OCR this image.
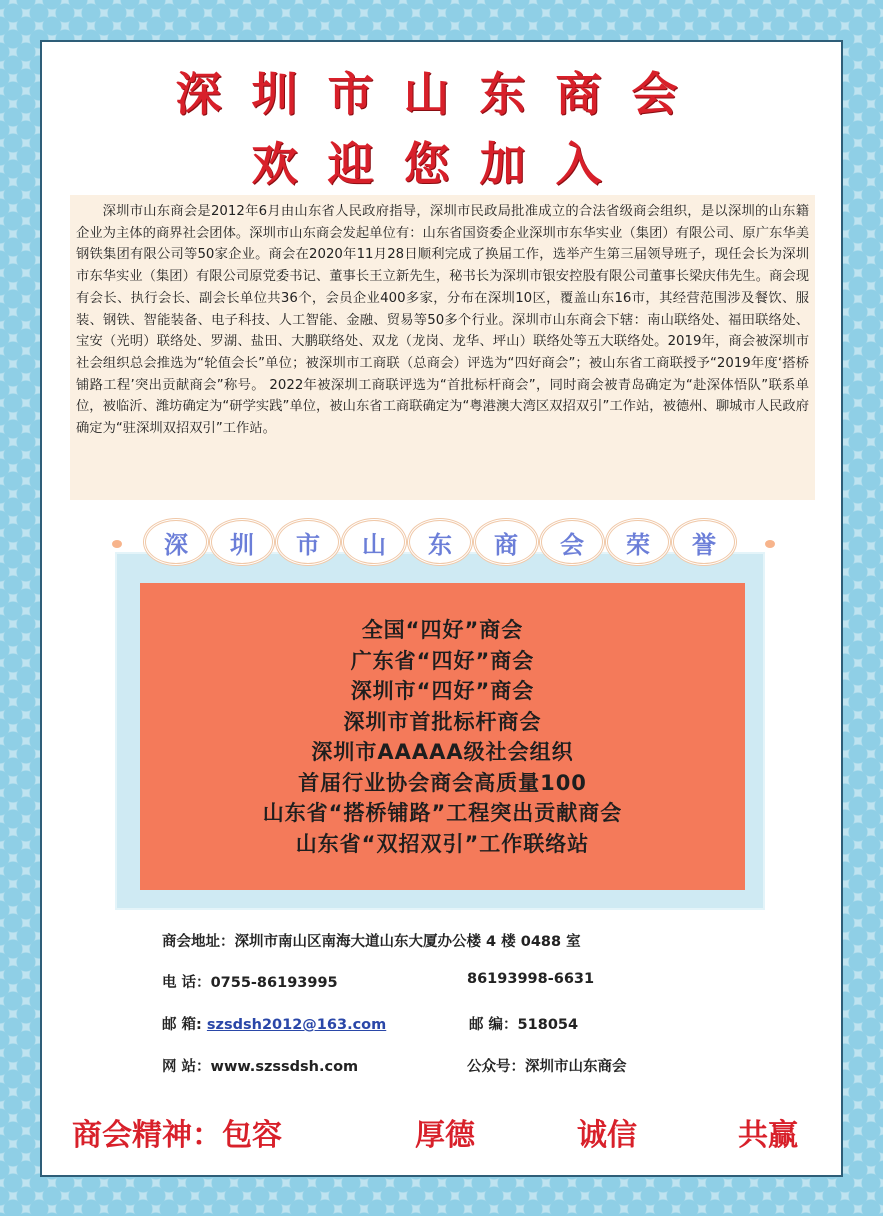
深圳市山东商会
欢迎您加入
深圳市山东商会是2012年6月由山东省人民政府指导，深圳市民政局批准成立的合法省级商会组织，是以深圳的山东籍企业为主体的商界社会团体。深圳市山东商会发起单位有：山东省国资委企业深圳市东华实业（集团）有限公司、原广东华美钢铁集团有限公司等50家企业。商会在2020年11月28日顺利完成了换届工作，选举产生第三届领导班子，现任会长为深圳市东华实业（集团）有限公司原党委书记、董事长王立新先生，秘书长为深圳市银安控股有限公司董事长梁庆伟先生。商会现有会长、执行会长、副会长单位共36个，会员企业400多家，分布在深圳10区，覆盖山东16市，其经营范围涉及餐饮、服装、钢铁、智能装备、电子科技、人工智能、金融、贸易等50多个行业。深圳市山东商会下辖：南山联络处、福田联络处、宝安（光明）联络处、罗湖、盐田、大鹏联络处、双龙（龙岗、龙华、坪山）联络处等五大联络处。2019年，商会被深圳市社会组织总会推选为“轮值会长”单位；被深圳市工商联（总商会）评选为“四好商会”；被山东省工商联授予“2019年度‘搭桥铺路工程’突出贡献商会”称号。 2022年被深圳工商联评选为“首批标杆商会”，同时商会被青岛确定为“赴深体悟队”联系单位，被临沂、潍坊确定为“研学实践”单位，被山东省工商联确定为“粤港澳大湾区双招双引”工作站，被德州、聊城市人民政府确定为“驻深圳双招双引”工作站。
深	圳	市	山	东	商	会	荣	誉
全国“四好”商会
广东省“四好”商会
深圳市“四好”商会
深圳市首批标杆商会
深圳市AAAAA级社会组织
首届行业协会商会高质量100
山东省“搭桥铺路”工程突出贡献商会
山东省“双招双引”工作联络站
商会地址：深圳市南山区南海大道山东大厦办公楼 4 楼 0488 室
电 话：0755-86193995	86193998-6631
邮 箱: szsdsh2012@163.com	邮 编：518054
网 站：www.szssdsh.com	公众号：深圳市山东商会
商会精神：包容	厚德	诚信	共赢
